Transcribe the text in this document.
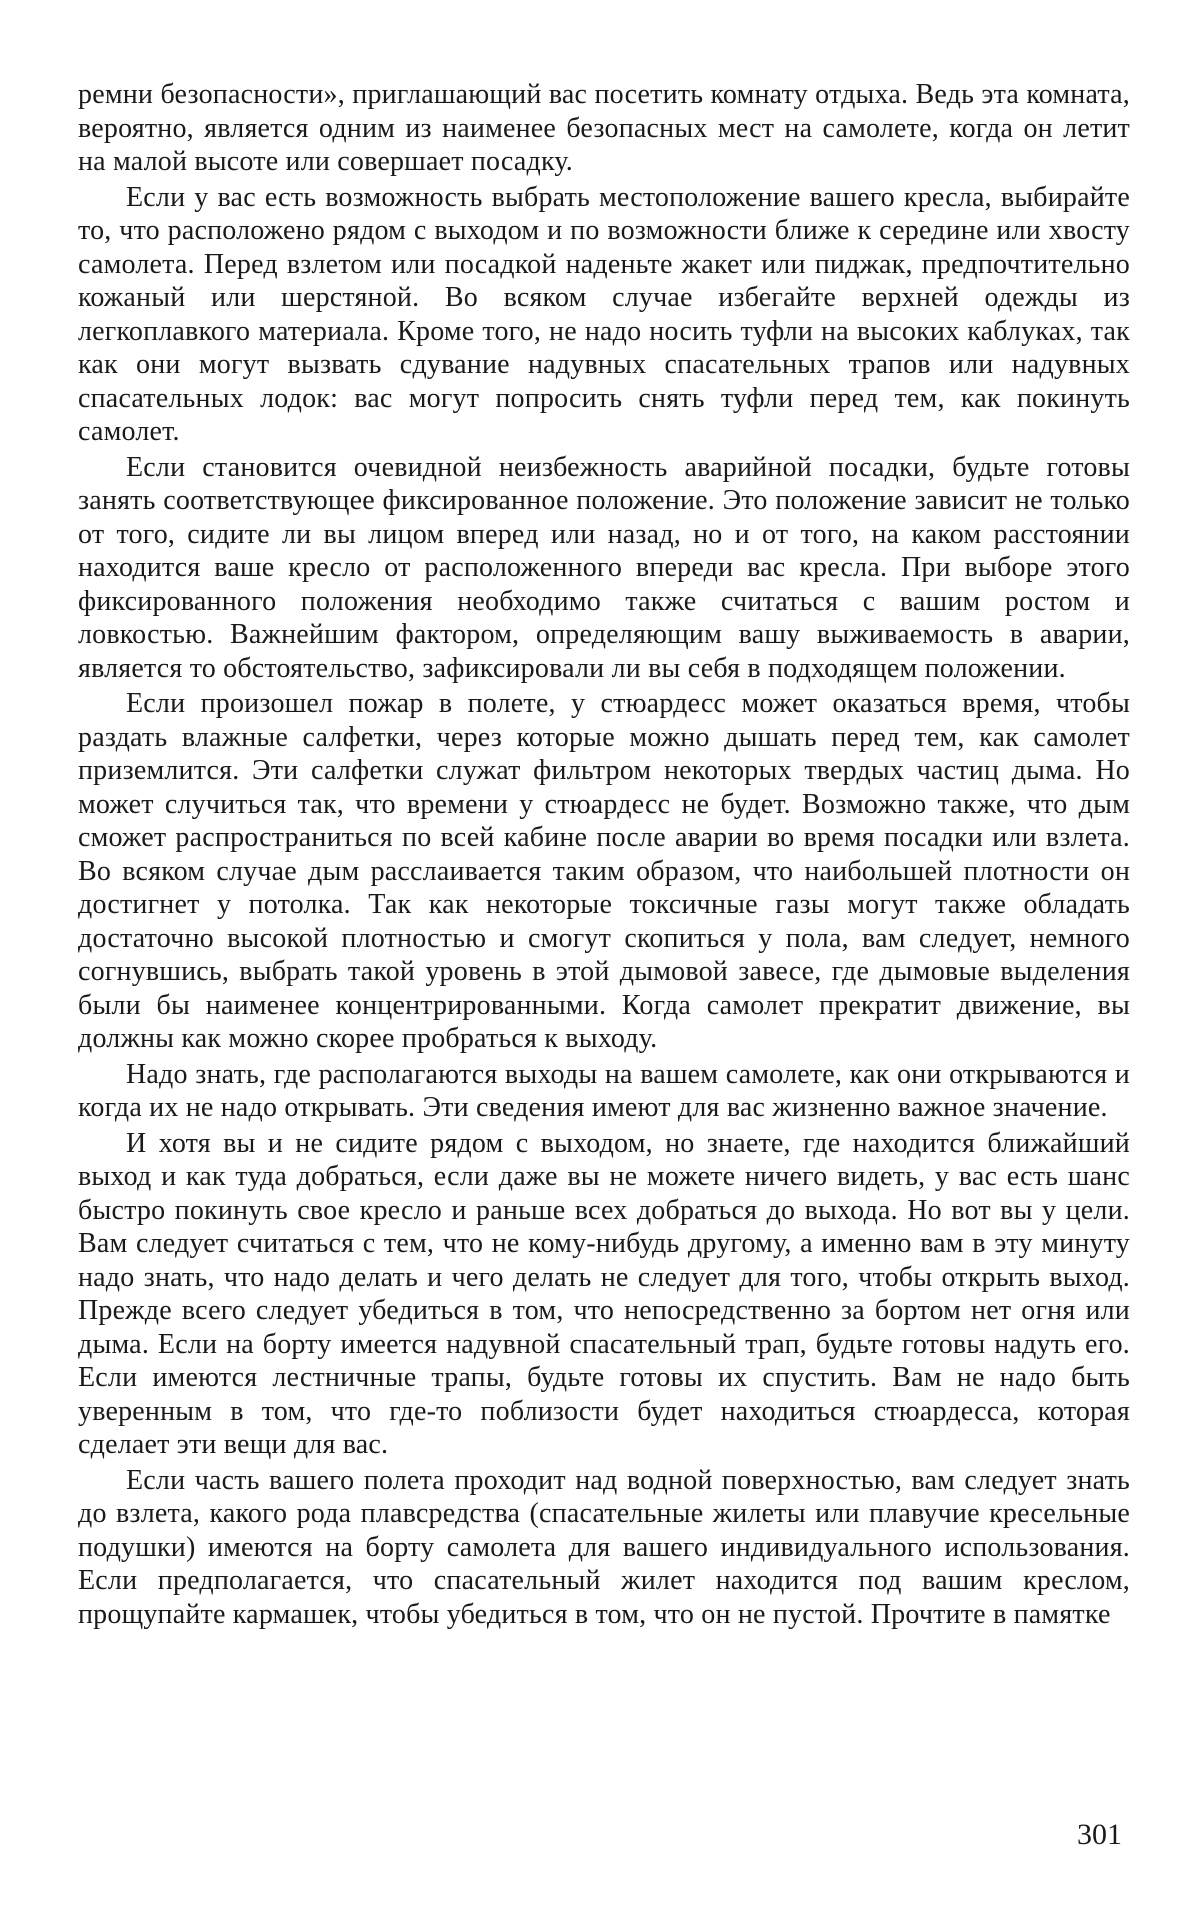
ремни безопасности», приглашающий вас посетить комнату отдыха. Ведь эта комната, вероятно, является одним из наименее безопасных мест на самолете, когда он летит на малой высоте или совершает посадку.

Если у вас есть возможность выбрать местоположение вашего кресла, выбирайте то, что расположено рядом с выходом и по возможности ближе к середине или хвосту самолета. Перед взлетом или посадкой наденьте жакет или пиджак, предпочтительно кожаный или шерстяной. Во всяком случае избегайте верхней одежды из легкоплавкого материала. Кроме того, не надо носить туфли на высоких каблуках, так как они могут вызвать сдувание надувных спасательных трапов или надувных спасательных лодок: вас могут попросить снять туфли перед тем, как покинуть самолет.

Если становится очевидной неизбежность аварийной посадки, будьте готовы занять соответствующее фиксированное положение. Это положение зависит не только от того, сидите ли вы лицом вперед или назад, но и от того, на каком расстоянии находится ваше кресло от расположенного впереди вас кресла. При выборе этого фиксированного положения необходимо также считаться с вашим ростом и ловкостью. Важнейшим фактором, определяющим вашу выживаемость в аварии, является то обстоятельство, зафиксировали ли вы себя в подходящем положении.

Если произошел пожар в полете, у стюардесс может оказаться время, чтобы раздать влажные салфетки, через которые можно дышать перед тем, как самолет приземлится. Эти салфетки служат фильтром некоторых твердых частиц дыма. Но может случиться так, что времени у стюардесс не будет. Возможно также, что дым сможет распространиться по всей кабине после аварии во время посадки или взлета. Во всяком случае дым расслаивается таким образом, что наибольшей плотности он достигнет у потолка. Так как некоторые токсичные газы могут также обладать достаточно высокой плотностью и смогут скопиться у пола, вам следует, немного согнувшись, выбрать такой уровень в этой дымовой завесе, где дымовые выделения были бы наименее концентрированными. Когда самолет прекратит движение, вы должны как можно скорее пробраться к выходу.

Надо знать, где располагаются выходы на вашем самолете, как они открываются и когда их не надо открывать. Эти сведения имеют для вас жизненно важное значение.

И хотя вы и не сидите рядом с выходом, но знаете, где находится ближайший выход и как туда добраться, если даже вы не можете ничего видеть, у вас есть шанс быстро покинуть свое кресло и раньше всех добраться до выхода. Но вот вы у цели. Вам следует считаться с тем, что не кому-нибудь другому, а именно вам в эту минуту надо знать, что надо делать и чего делать не следует для того, чтобы открыть выход. Прежде всего следует убедиться в том, что непосредственно за бортом нет огня или дыма. Если на борту имеется надувной спасательный трап, будьте готовы надуть его. Если имеются лестничные трапы, будьте готовы их спустить. Вам не надо быть уверенным в том, что где-то поблизости будет находиться стюардесса, которая сделает эти вещи для вас.

Если часть вашего полета проходит над водной поверхностью, вам следует знать до взлета, какого рода плавсредства (спасательные жилеты или плавучие кресельные подушки) имеются на борту самолета для вашего индивидуального использования. Если предполагается, что спасательный жилет находится под вашим креслом, прощупайте кармашек, чтобы убедиться в том, что он не пустой. Прочтите в памятке

301
